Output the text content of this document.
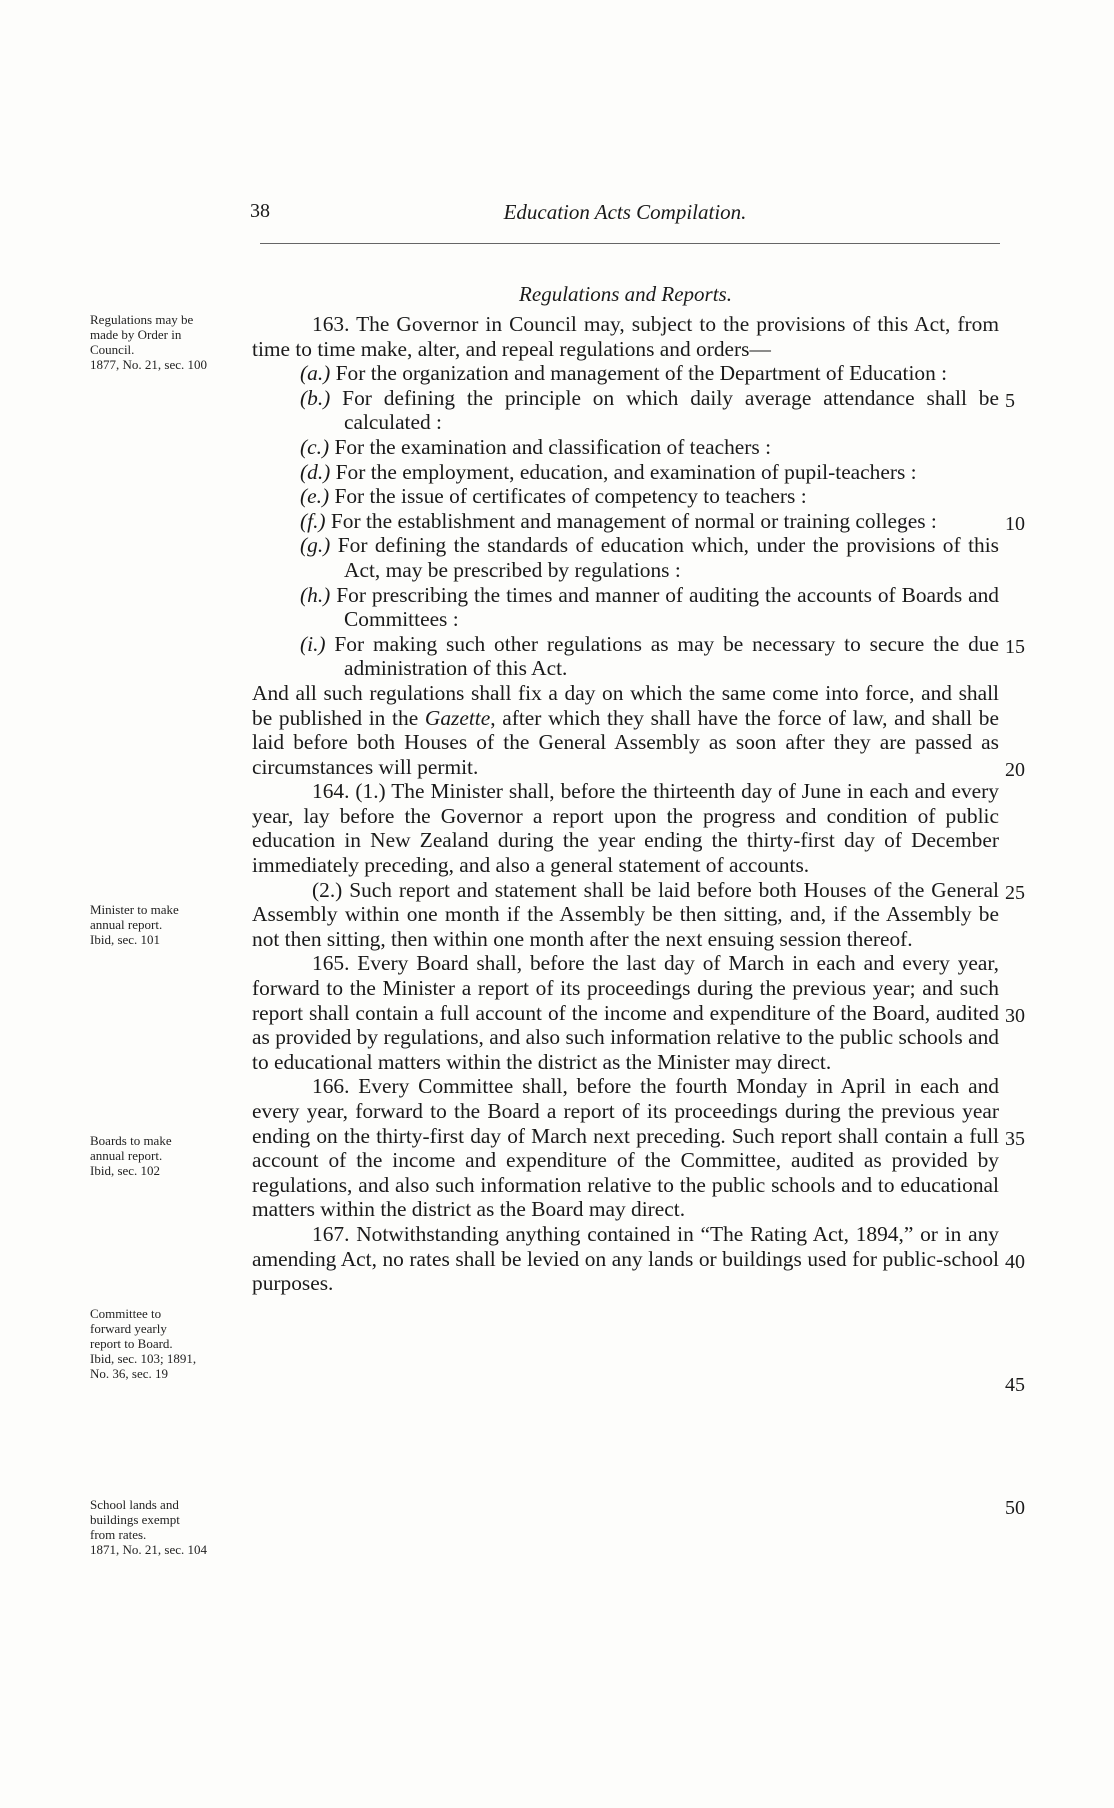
38	Education Acts Compilation.
Regulations and Reports.
Regulations may be
made by Order in
Council.
1877, No. 21, sec. 100
Minister to make
annual report.
Ibid, sec. 101
Boards to make
annual report.
Ibid, sec. 102
Committee to
forward yearly
report to Board.
Ibid, sec. 103; 1891,
No. 36, sec. 19
School lands and
buildings exempt
from rates.
1871, No. 21, sec. 104

163. The Governor in Council may, subject to the provisions of this Act, from time to time make, alter, and repeal regulations and orders—

(a.) For the organization and management of the Department of Education :

(b.) For defining the principle on which daily average attendance shall be calculated :

(c.) For the examination and classification of teachers :

(d.) For the employment, education, and examination of pupil-teachers :

(e.) For the issue of certificates of competency to teachers :

(f.) For the establishment and management of normal or training colleges :

(g.) For defining the standards of education which, under the provisions of this Act, may be prescribed by regulations :

(h.) For prescribing the times and manner of auditing the accounts of Boards and Committees :

(i.) For making such other regulations as may be necessary to secure the due administration of this Act.

And all such regulations shall fix a day on which the same come into force, and shall be published in the Gazette, after which they shall have the force of law, and shall be laid before both Houses of the General Assembly as soon after they are passed as circumstances will permit.

164. (1.) The Minister shall, before the thirteenth day of June in each and every year, lay before the Governor a report upon the progress and condition of public education in New Zealand during the year ending the thirty-first day of December immediately preceding, and also a general statement of accounts.

(2.) Such report and statement shall be laid before both Houses of the General Assembly within one month if the Assembly be then sitting, and, if the Assembly be not then sitting, then within one month after the next ensuing session thereof.

165. Every Board shall, before the last day of March in each and every year, forward to the Minister a report of its proceedings during the previous year; and such report shall contain a full account of the income and expenditure of the Board, audited as provided by regulations, and also such information relative to the public schools and to educational matters within the district as the Minister may direct.

166. Every Committee shall, before the fourth Monday in April in each and every year, forward to the Board a report of its proceedings during the previous year ending on the thirty-first day of March next preceding. Such report shall contain a full account of the income and expenditure of the Committee, audited as provided by regulations, and also such information relative to the public schools and to educational matters within the district as the Board may direct.

167. Notwithstanding anything contained in “The Rating Act, 1894,” or in any amending Act, no rates shall be levied on any lands or buildings used for public-school purposes.

5
10
15
20
25
30
35
40
45
50
